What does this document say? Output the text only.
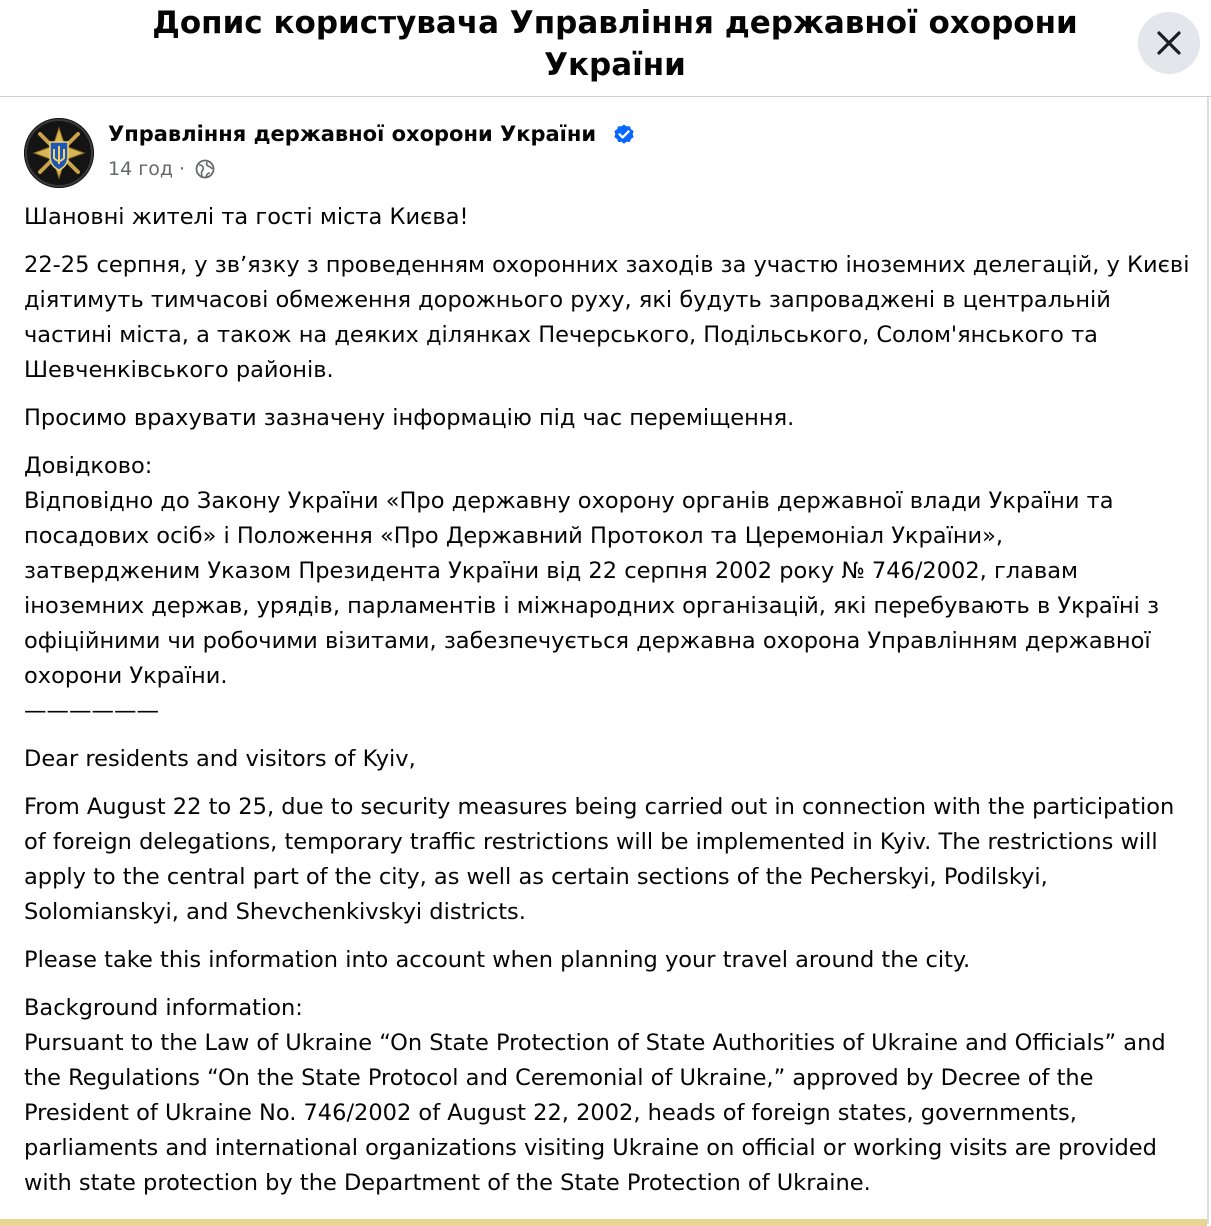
Допис користувача Управління державної охорони
України
Управління державної охорони України
14 год ·

Шановні жителі та гості міста Києва!

22-25 серпня, у звʼязку з проведенням охоронних заходів за участю іноземних делегацій, у Києві
діятимуть тимчасові обмеження дорожнього руху, які будуть запроваджені в центральній
частині міста, а також на деяких ділянках Печерського, Подільського, Солом'янського та
Шевченківського районів.

Просимо врахувати зазначену інформацію під час переміщення.

Довідково:
Відповідно до Закону України «Про державну охорону органів державної влади України та
посадових осіб» і Положення «Про Державний Протокол та Церемоніал України»,
затвердженим Указом Президента України від 22 серпня 2002 року № 746/2002, главам
іноземних держав, урядів, парламентів і міжнародних організацій, які перебувають в Україні з
офіційними чи робочими візитами, забезпечується державна охорона Управлінням державної
охорони України.
——————

Dear residents and visitors of Kyiv,

From August 22 to 25, due to security measures being carried out in connection with the participation
of foreign delegations, temporary traffic restrictions will be implemented in Kyiv. The restrictions will
apply to the central part of the city, as well as certain sections of the Pecherskyi, Podilskyi,
Solomianskyi, and Shevchenkivskyi districts.

Please take this information into account when planning your travel around the city.

Background information:
Pursuant to the Law of Ukraine “On State Protection of State Authorities of Ukraine and Officials” and
the Regulations “On the State Protocol and Ceremonial of Ukraine,” approved by Decree of the
President of Ukraine No. 746/2002 of August 22, 2002, heads of foreign states, governments,
parliaments and international organizations visiting Ukraine on official or working visits are provided
with state protection by the Department of the State Protection of Ukraine.
